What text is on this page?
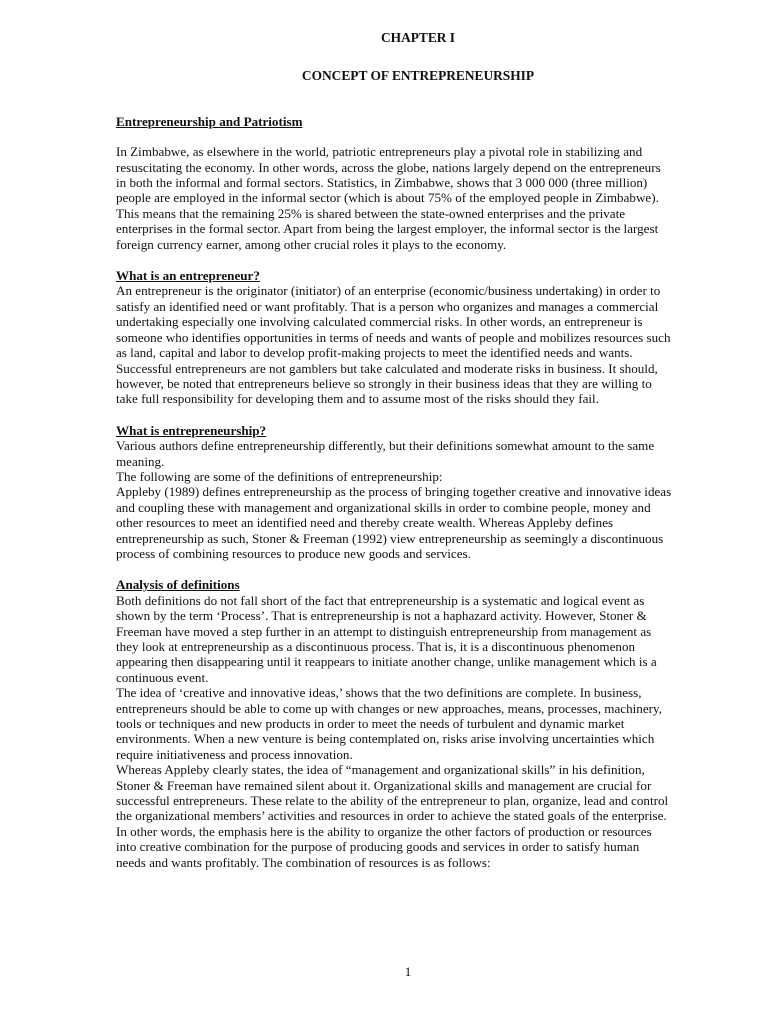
CHAPTER I

CONCEPT OF ENTREPRENEURSHIP

Entrepreneurship and Patriotism

In Zimbabwe, as elsewhere in the world, patriotic entrepreneurs play a pivotal role in stabilizing and resuscitating the economy. In other words, across the globe, nations largely depend on the entrepreneurs in both the informal and formal sectors. Statistics, in Zimbabwe, shows that 3 000 000 (three million) people are employed in the informal sector (which is about 75% of the employed people in Zimbabwe). This means that the remaining 25% is shared between the state-owned enterprises and the private enterprises in the formal sector. Apart from being the largest employer, the informal sector is the largest foreign currency earner, among other crucial roles it plays to the economy.

What is an entrepreneur?

An entrepreneur is the originator (initiator) of an enterprise (economic/business undertaking) in order to satisfy an identified need or want profitably. That is a person who organizes and manages a commercial undertaking especially one involving calculated commercial risks. In other words, an entrepreneur is someone who identifies opportunities in terms of needs and wants of people and mobilizes resources such as land, capital and labor to develop profit-making projects to meet the identified needs and wants.

Successful entrepreneurs are not gamblers but take calculated and moderate risks in business. It should, however, be noted that entrepreneurs believe so strongly in their business ideas that they are willing to take full responsibility for developing them and to assume most of the risks should they fail.

What is entrepreneurship?

Various authors define entrepreneurship differently, but their definitions somewhat amount to the same meaning.

The following are some of the definitions of entrepreneurship:

Appleby (1989) defines entrepreneurship as the process of bringing together creative and innovative ideas and coupling these with management and organizational skills in order to combine people, money and other resources to meet an identified need and thereby create wealth. Whereas Appleby defines entrepreneurship as such, Stoner & Freeman (1992) view entrepreneurship as seemingly a discontinuous process of combining resources to produce new goods and services.

Analysis of definitions

Both definitions do not fall short of the fact that entrepreneurship is a systematic and logical event as shown by the term ‘Process’. That is entrepreneurship is not a haphazard activity. However, Stoner & Freeman have moved a step further in an attempt to distinguish entrepreneurship from management as they look at entrepreneurship as a discontinuous process. That is, it is a discontinuous phenomenon appearing then disappearing until it reappears to initiate another change, unlike management which is a continuous event.

The idea of ‘creative and innovative ideas,’ shows that the two definitions are complete. In business, entrepreneurs should be able to come up with changes or new approaches, means, processes, machinery, tools or techniques and new products in order to meet the needs of turbulent and dynamic market environments. When a new venture is being contemplated on, risks arise involving uncertainties which require initiativeness and process innovation.

Whereas Appleby clearly states, the idea of “management and organizational skills” in his definition, Stoner & Freeman have remained silent about it. Organizational skills and management are crucial for successful entrepreneurs. These relate to the ability of the entrepreneur to plan, organize, lead and control the organizational members’ activities and resources in order to achieve the stated goals of the enterprise. In other words, the emphasis here is the ability to organize the other factors of production or resources into creative combination for the purpose of producing goods and services in order to satisfy human needs and wants profitably. The combination of resources is as follows:

1
